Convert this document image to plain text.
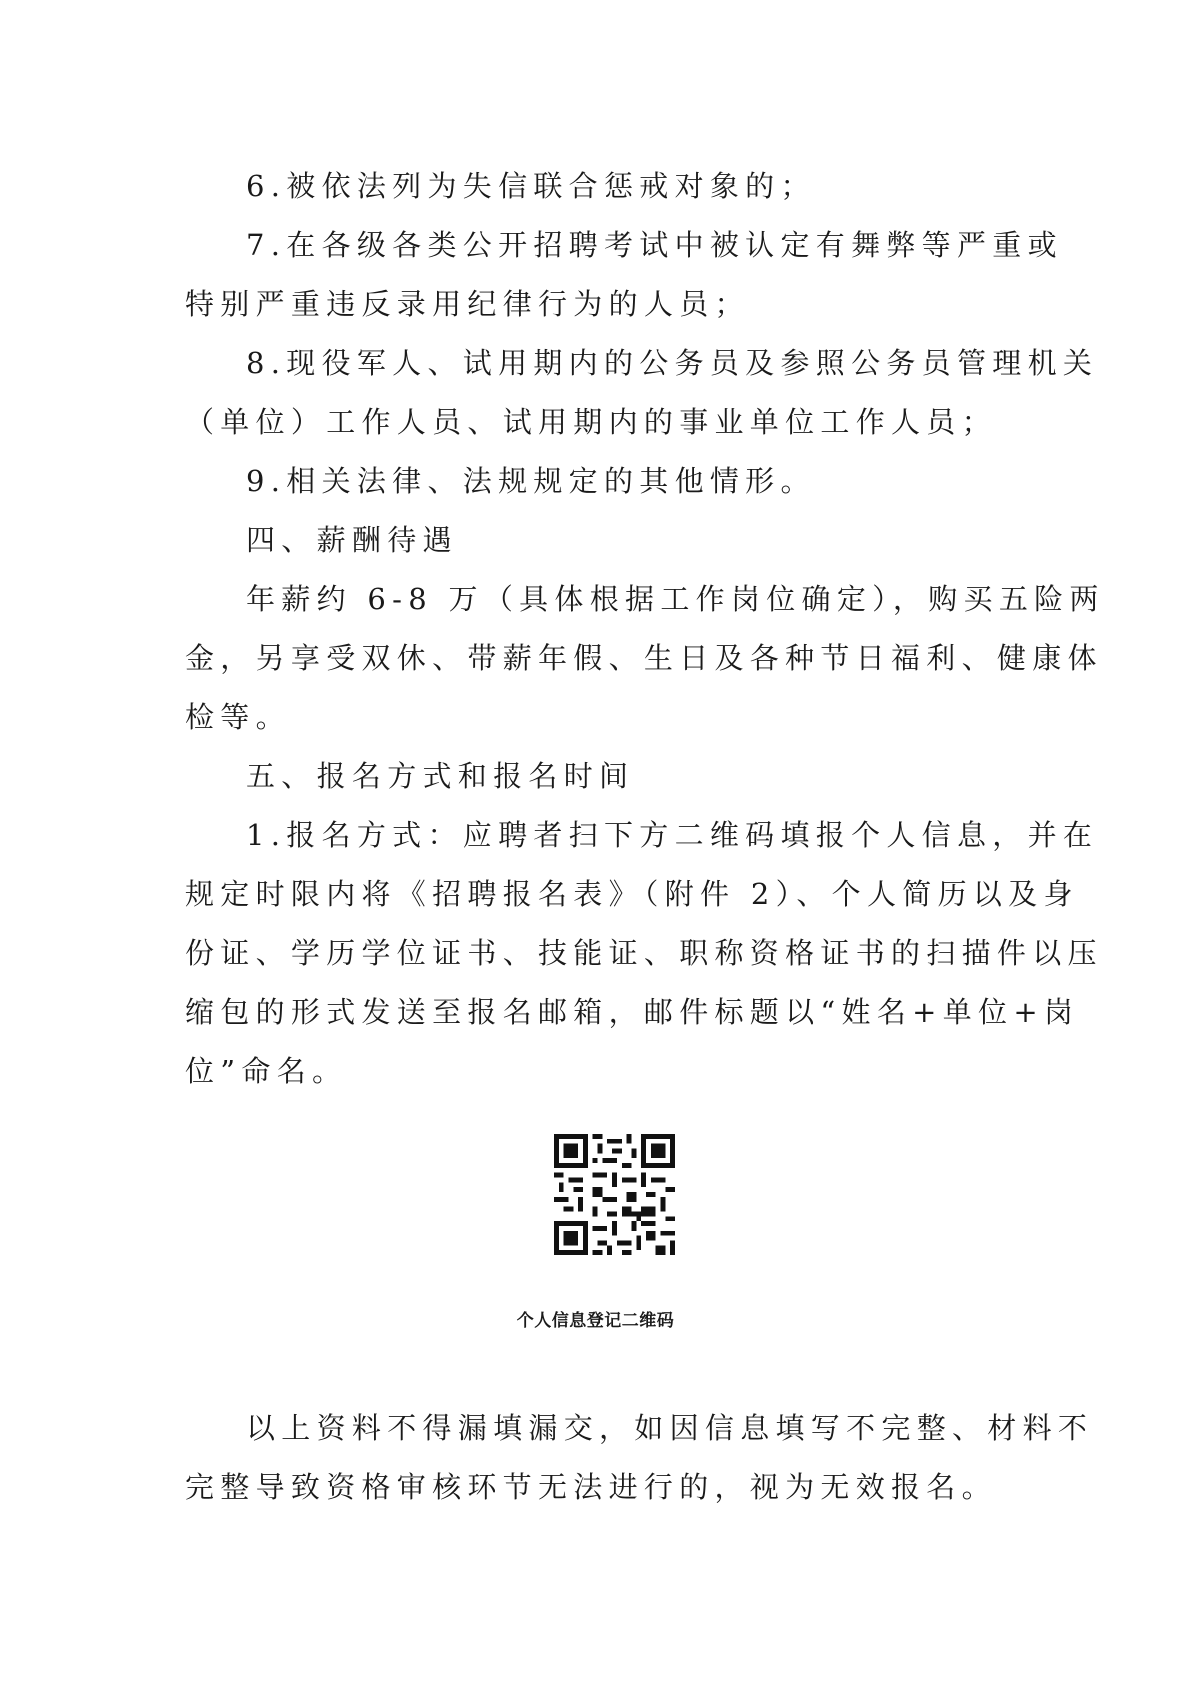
6.被依法列为失信联合惩戒对象的；
7.在各级各类公开招聘考试中被认定有舞弊等严重或
特别严重违反录用纪律行为的人员；
8.现役军人、试用期内的公务员及参照公务员管理机关
（单位）工作人员、试用期内的事业单位工作人员；
9.相关法律、法规规定的其他情形。
四、薪酬待遇
年薪约 6-8 万（具体根据工作岗位确定），购买五险两
金，另享受双休、带薪年假、生日及各种节日福利、健康体
检等。
五、报名方式和报名时间
1.报名方式：应聘者扫下方二维码填报个人信息，并在
规定时限内将《招聘报名表》（附件 2）、个人简历以及身
份证、学历学位证书、技能证、职称资格证书的扫描件以压
缩包的形式发送至报名邮箱，邮件标题以“姓名+单位+岗
位”命名。
个人信息登记二维码
以上资料不得漏填漏交，如因信息填写不完整、材料不
完整导致资格审核环节无法进行的，视为无效报名。
